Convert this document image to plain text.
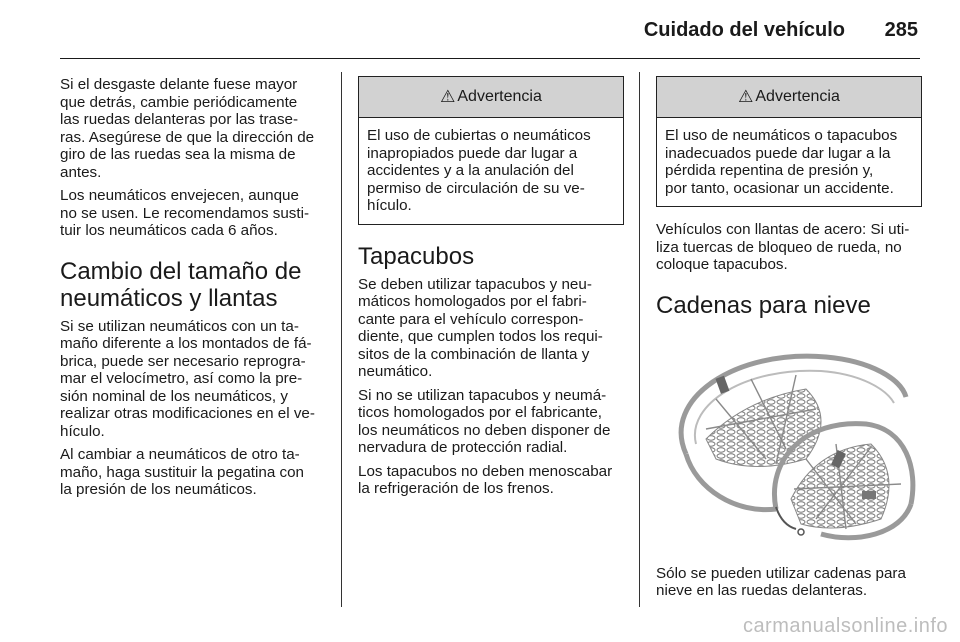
Cuidado del vehículo 285

Si el desgaste delante fuese mayor
que detrás, cambie periódicamente
las ruedas delanteras por las trase-
ras. Asegúrese de que la dirección de
giro de las ruedas sea la misma de
antes.

Los neumáticos envejecen, aunque
no se usen. Le recomendamos susti-
tuir los neumáticos cada 6 años.

Cambio del tamaño de
neumáticos y llantas

Si se utilizan neumáticos con un ta-
maño diferente a los montados de fá-
brica, puede ser necesario reprogra-
mar el velocímetro, así como la pre-
sión nominal de los neumáticos, y
realizar otras modificaciones en el ve-
hículo.

Al cambiar a neumáticos de otro ta-
maño, haga sustituir la pegatina con
la presión de los neumáticos.

⚠ Advertencia
El uso de cubiertas o neumáticos
inapropiados puede dar lugar a
accidentes y a la anulación del
permiso de circulación de su ve-
hículo.
Tapacubos

Se deben utilizar tapacubos y neu-
máticos homologados por el fabri-
cante para el vehículo correspon-
diente, que cumplen todos los requi-
sitos de la combinación de llanta y
neumático.

Si no se utilizan tapacubos y neumá-
ticos homologados por el fabricante,
los neumáticos no deben disponer de
nervadura de protección radial.

Los tapacubos no deben menoscabar
la refrigeración de los frenos.

⚠ Advertencia
El uso de neumáticos o tapacubos
inadecuados puede dar lugar a la
pérdida repentina de presión y,
por tanto, ocasionar un accidente.

Vehículos con llantas de acero: Si uti-
liza tuercas de bloqueo de rueda, no
coloque tapacubos.

Cadenas para nieve

Sólo se pueden utilizar cadenas para
nieve en las ruedas delanteras.

carmanualsonline.info
